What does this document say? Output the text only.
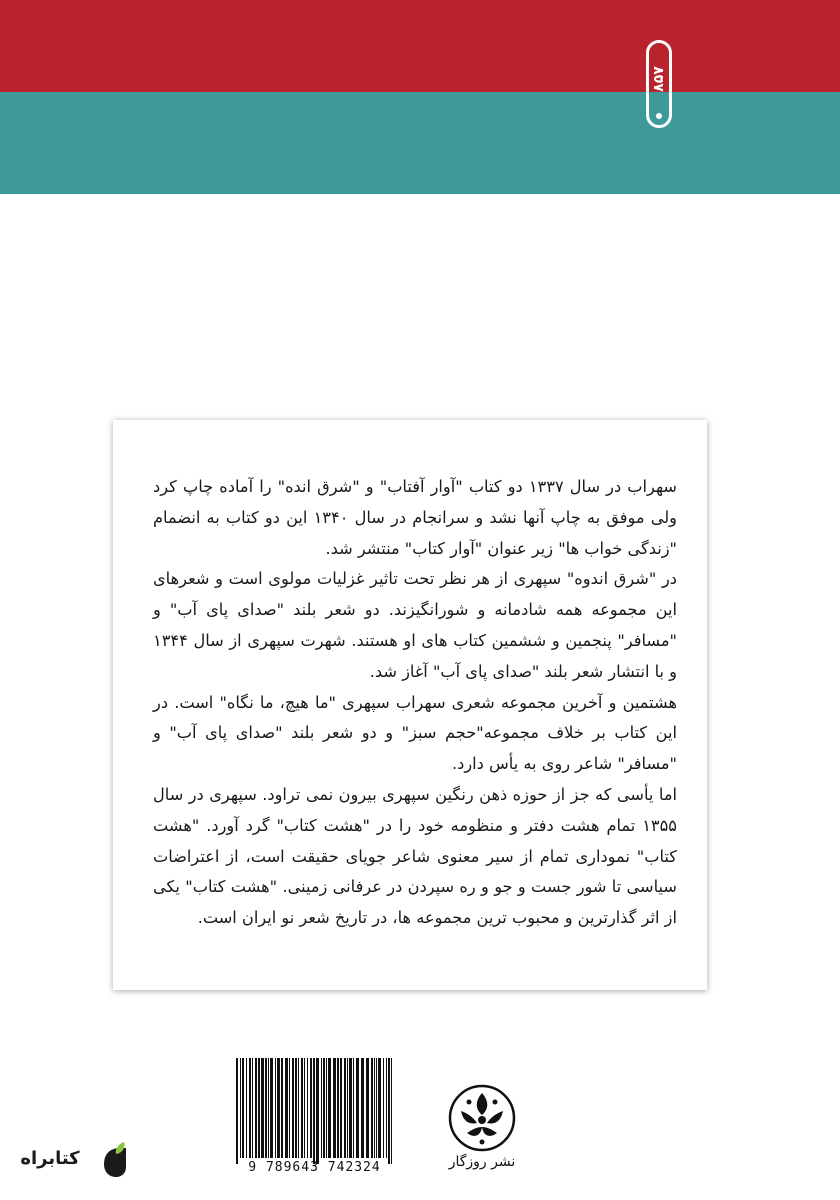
۸۵۷

سهراب در سال ۱۳۳۷ دو کتاب "آوار آفتاب" و "شرق انده" را آماده چاپ کرد ولی موفق به چاپ آنها نشد و سرانجام در سال ۱۳۴۰ این دو کتاب به انضمام "زندگی خواب ها" زیر عنوان "آوار کتاب" منتشر شد.

در "شرق اندوه" سپهری از هر نظر تحت تاثیر غزلیات مولوی است و شعرهای این مجموعه همه شادمانه و شورانگیزند. دو شعر بلند "صدای پای آب" و "مسافر" پنجمین و ششمین کتاب های او هستند. شهرت سپهری از سال ۱۳۴۴ و با انتشار شعر بلند "صدای پای آب" آغاز شد.

هشتمین و آخرین مجموعه شعری سهراب سپهری "ما هیچ، ما نگاه" است. در این کتاب بر خلاف مجموعه"حجم سبز" و دو شعر بلند "صدای پای آب" و "مسافر" شاعر روی به یأس دارد.

اما یأسی که جز از حوزه ذهن رنگین سپهری بیرون نمی تراود. سپهری در سال ۱۳۵۵ تمام هشت دفتر و منظومه خود را در "هشت کتاب" گرد آورد. "هشت کتاب" نموداری تمام از سیر معنوی شاعر جویای حقیقت است، از اعتراضات سیاسی تا شور جست و جو و ره سپردن در عرفانی زمینی. "هشت کتاب" یکی از اثر گذارترین و محبوب ترین مجموعه ها، در تاریخ شعر نو ایران است.

9 789643 742324	نشر روزگار
کتابراه
